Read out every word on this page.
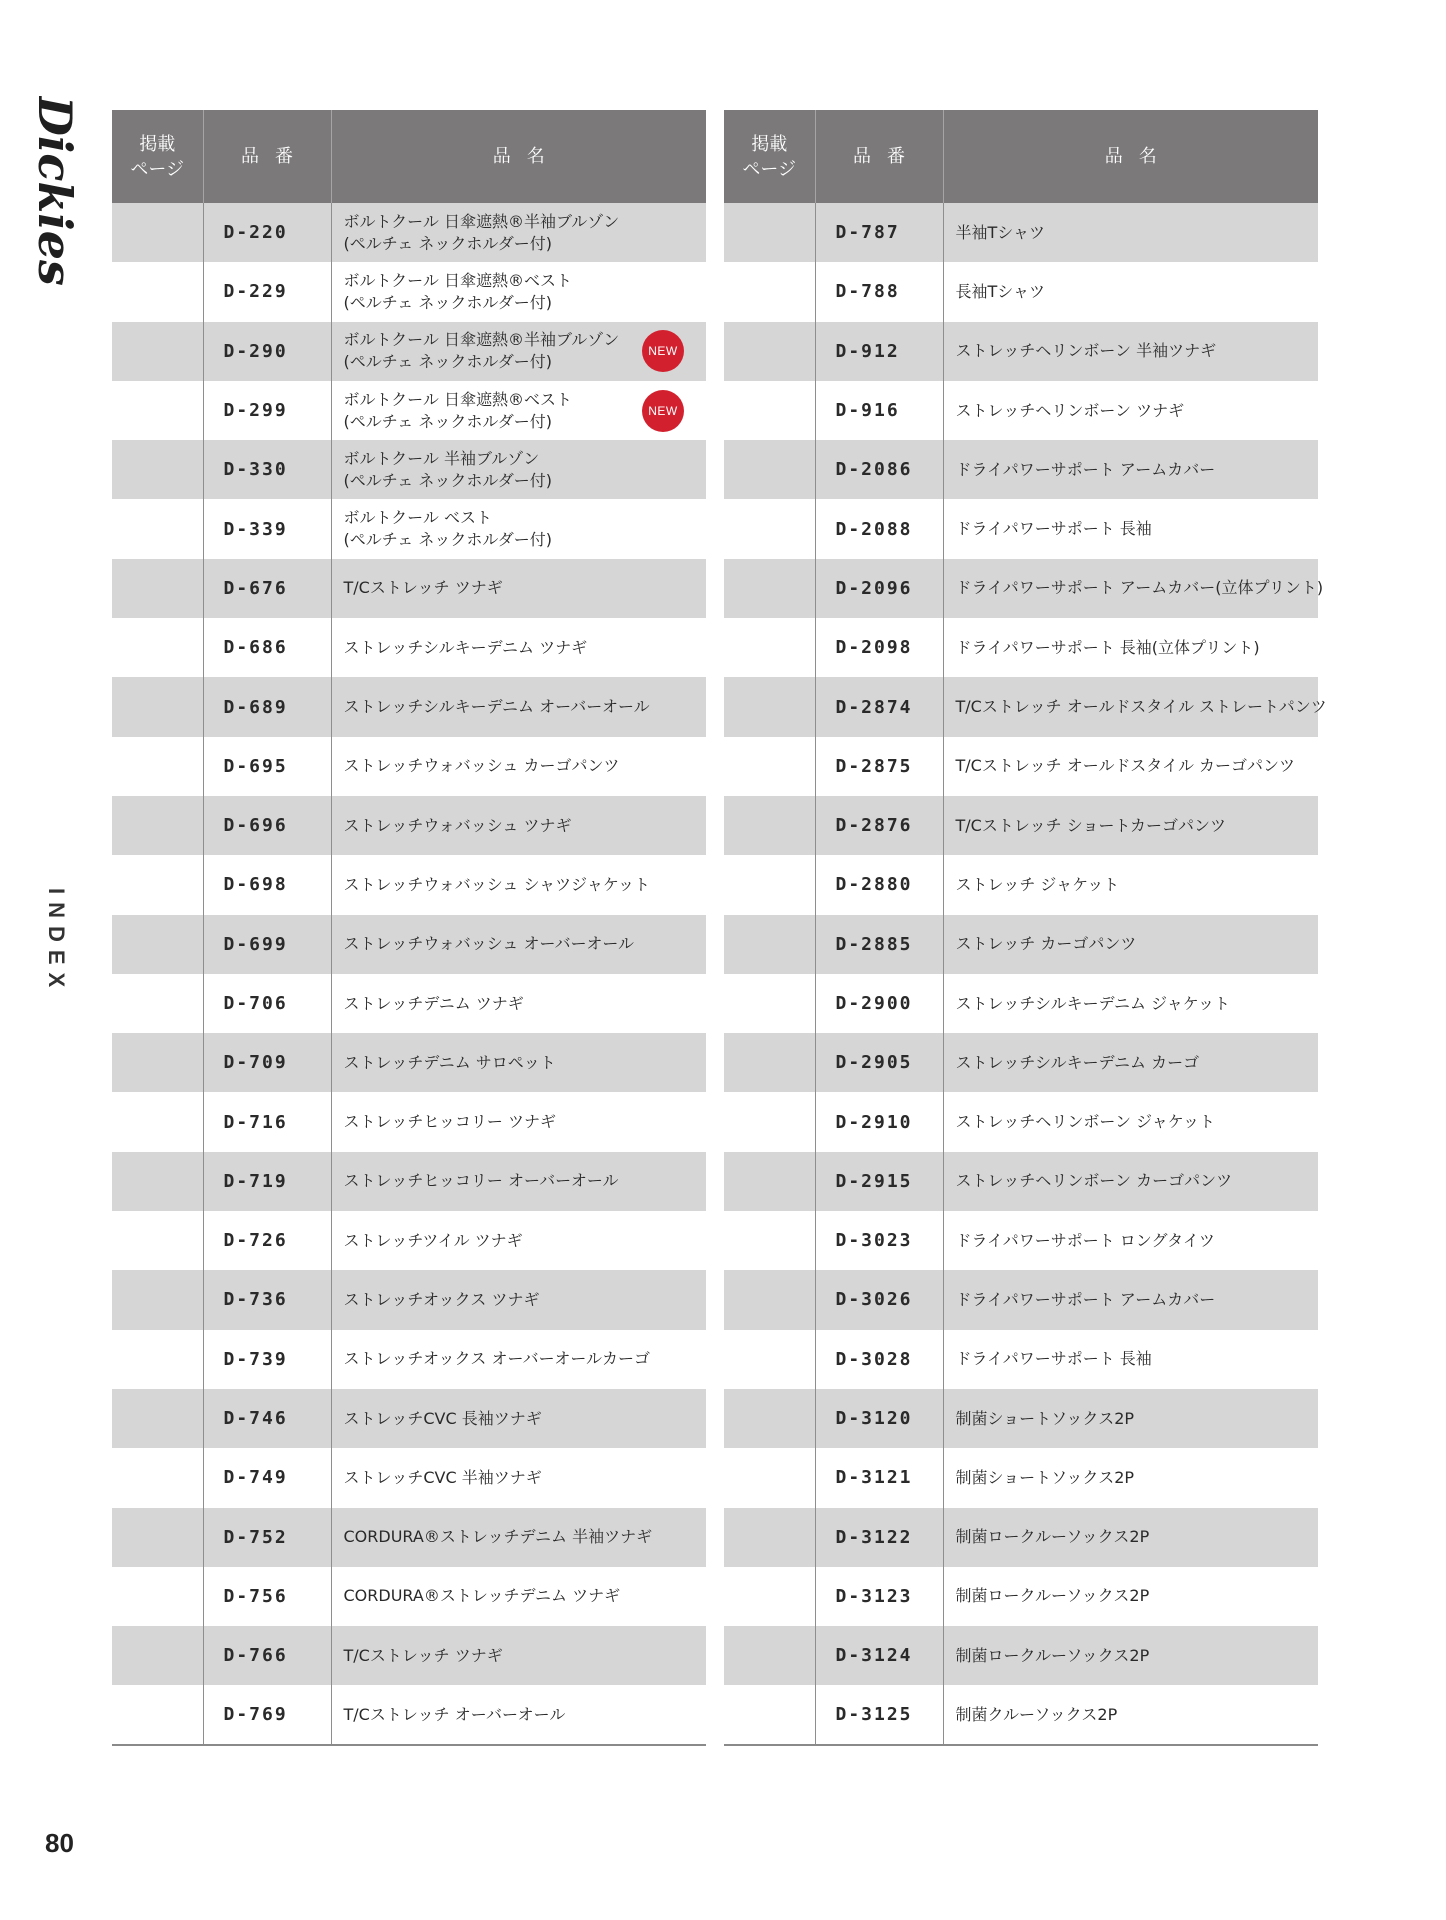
Dickies
INDEX
掲載
ページ	品番	品名
	D-220	ボルトクール 日傘遮熱®半袖ブルゾン
(ペルチェ ネックホルダー付)

	D-229	ボルトクール 日傘遮熱®ベスト
(ペルチェ ネックホルダー付)

	D-290	ボルトクール 日傘遮熱®半袖ブルゾン
(ペルチェ ネックホルダー付)
NEW

	D-299	ボルトクール 日傘遮熱®ベスト
(ペルチェ ネックホルダー付)
NEW

	D-330	ボルトクール 半袖ブルゾン
(ペルチェ ネックホルダー付)

	D-339	ボルトクール ベスト
(ペルチェ ネックホルダー付)

	D-676	T/Cストレッチ ツナギ

	D-686	ストレッチシルキーデニム ツナギ

	D-689	ストレッチシルキーデニム オーバーオール

	D-695	ストレッチウォバッシュ カーゴパンツ

	D-696	ストレッチウォバッシュ ツナギ

	D-698	ストレッチウォバッシュ シャツジャケット

	D-699	ストレッチウォバッシュ オーバーオール

	D-706	ストレッチデニム ツナギ

	D-709	ストレッチデニム サロペット

	D-716	ストレッチヒッコリー ツナギ

	D-719	ストレッチヒッコリー オーバーオール

	D-726	ストレッチツイル ツナギ

	D-736	ストレッチオックス ツナギ

	D-739	ストレッチオックス オーバーオールカーゴ

	D-746	ストレッチCVC 長袖ツナギ

	D-749	ストレッチCVC 半袖ツナギ

	D-752	CORDURA®ストレッチデニム 半袖ツナギ

	D-756	CORDURA®ストレッチデニム ツナギ

	D-766	T/Cストレッチ ツナギ

	D-769	T/Cストレッチ オーバーオール
掲載
ページ	品番	品名
	D-787	半袖Tシャツ

	D-788	長袖Tシャツ

	D-912	ストレッチヘリンボーン 半袖ツナギ

	D-916	ストレッチヘリンボーン ツナギ

	D-2086	ドライパワーサポート アームカバー

	D-2088	ドライパワーサポート 長袖

	D-2096	ドライパワーサポート アームカバー(立体プリント)

	D-2098	ドライパワーサポート 長袖(立体プリント)

	D-2874	T/Cストレッチ オールドスタイル ストレートパンツ

	D-2875	T/Cストレッチ オールドスタイル カーゴパンツ

	D-2876	T/Cストレッチ ショートカーゴパンツ

	D-2880	ストレッチ ジャケット

	D-2885	ストレッチ カーゴパンツ

	D-2900	ストレッチシルキーデニム ジャケット

	D-2905	ストレッチシルキーデニム カーゴ

	D-2910	ストレッチヘリンボーン ジャケット

	D-2915	ストレッチヘリンボーン カーゴパンツ

	D-3023	ドライパワーサポート ロングタイツ

	D-3026	ドライパワーサポート アームカバー

	D-3028	ドライパワーサポート 長袖

	D-3120	制菌ショートソックス2P

	D-3121	制菌ショートソックス2P

	D-3122	制菌ロークルーソックス2P

	D-3123	制菌ロークルーソックス2P

	D-3124	制菌ロークルーソックス2P

	D-3125	制菌クルーソックス2P
80
